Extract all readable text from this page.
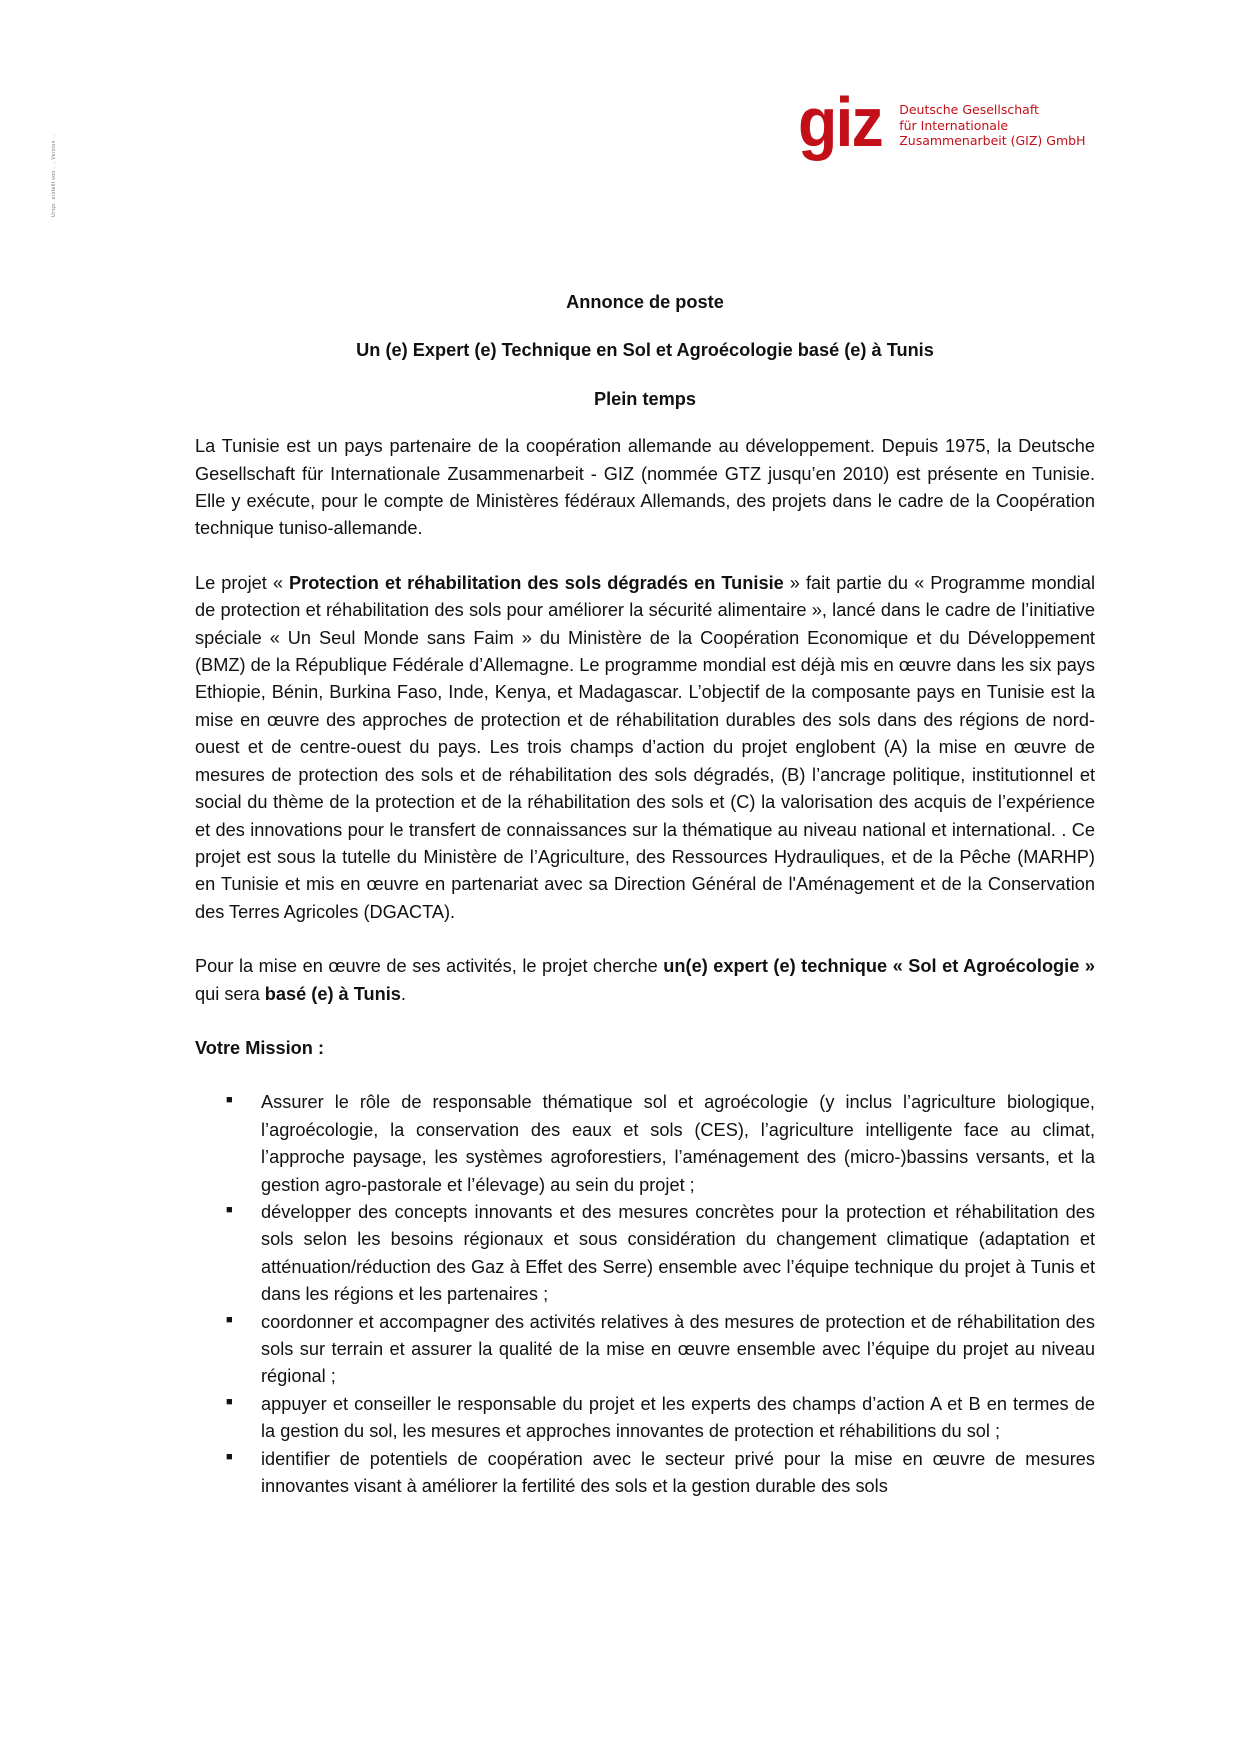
Urspr. erstellt von ..., Version ...
giz Deutsche Gesellschaft
für Internationale
Zusammenarbeit (GIZ) GmbH
Annonce de poste
Un (e) Expert (e) Technique en Sol et Agroécologie basé (e) à Tunis
Plein temps

La Tunisie est un pays partenaire de la coopération allemande au développement. Depuis 1975, la Deutsche Gesellschaft für Internationale Zusammenarbeit - GIZ (nommée GTZ jusqu’en 2010) est présente en Tunisie. Elle y exécute, pour le compte de Ministères fédéraux Allemands, des projets dans le cadre de la Coopération technique tuniso-allemande.

Le projet « Protection et réhabilitation des sols dégradés en Tunisie » fait partie du « Programme mondial de protection et réhabilitation des sols pour améliorer la sécurité alimentaire », lancé dans le cadre de l’initiative spéciale « Un Seul Monde sans Faim » du Ministère de la Coopération Economique et du Développement (BMZ) de la République Fédérale d’Allemagne. Le programme mondial est déjà mis en œuvre dans les six pays Ethiopie, Bénin, Burkina Faso, Inde, Kenya, et Madagascar. L’objectif de la composante pays en Tunisie est la mise en œuvre des approches de protection et de réhabilitation durables des sols dans des régions de nord-ouest et de centre-ouest du pays. Les trois champs d’action du projet englobent (A) la mise en œuvre de mesures de protection des sols et de réhabilitation des sols dégradés, (B) l’ancrage politique, institutionnel et social du thème de la protection et de la réhabilitation des sols et (C) la valorisation des acquis de l’expérience et des innovations pour le transfert de connaissances sur la thématique au niveau national et international. . Ce projet est sous la tutelle du Ministère de l’Agriculture, des Ressources Hydrauliques, et de la Pêche (MARHP) en Tunisie et mis en œuvre en partenariat avec sa Direction Général de l'Aménagement et de la Conservation des Terres Agricoles (DGACTA).

Pour la mise en œuvre de ses activités, le projet cherche un(e) expert (e) technique « Sol et Agroécologie » qui sera basé (e) à Tunis.

Votre Mission :
■ Assurer le rôle de responsable thématique sol et agroécologie (y inclus l’agriculture biologique, l’agroécologie, la conservation des eaux et sols (CES), l’agriculture intelligente face au climat, l’approche paysage, les systèmes agroforestiers, l’aménagement des (micro-)bassins versants, et la gestion agro-pastorale et l’élevage) au sein du projet ;
■ développer des concepts innovants et des mesures concrètes pour la protection et réhabilitation des sols selon les besoins régionaux et sous considération du changement climatique (adaptation et atténuation/réduction des Gaz à Effet des Serre) ensemble avec l’équipe technique du projet à Tunis et dans les régions et les partenaires ;
■ coordonner et accompagner des activités relatives à des mesures de protection et de réhabilitation des sols sur terrain et assurer la qualité de la mise en œuvre ensemble avec l’équipe du projet au niveau régional ;
■ appuyer et conseiller le responsable du projet et les experts des champs d’action A et B en termes de la gestion du sol, les mesures et approches innovantes de protection et réhabilitions du sol ;
■ identifier de potentiels de coopération avec le secteur privé pour la mise en œuvre de mesures innovantes visant à améliorer la fertilité des sols et la gestion durable des sols
